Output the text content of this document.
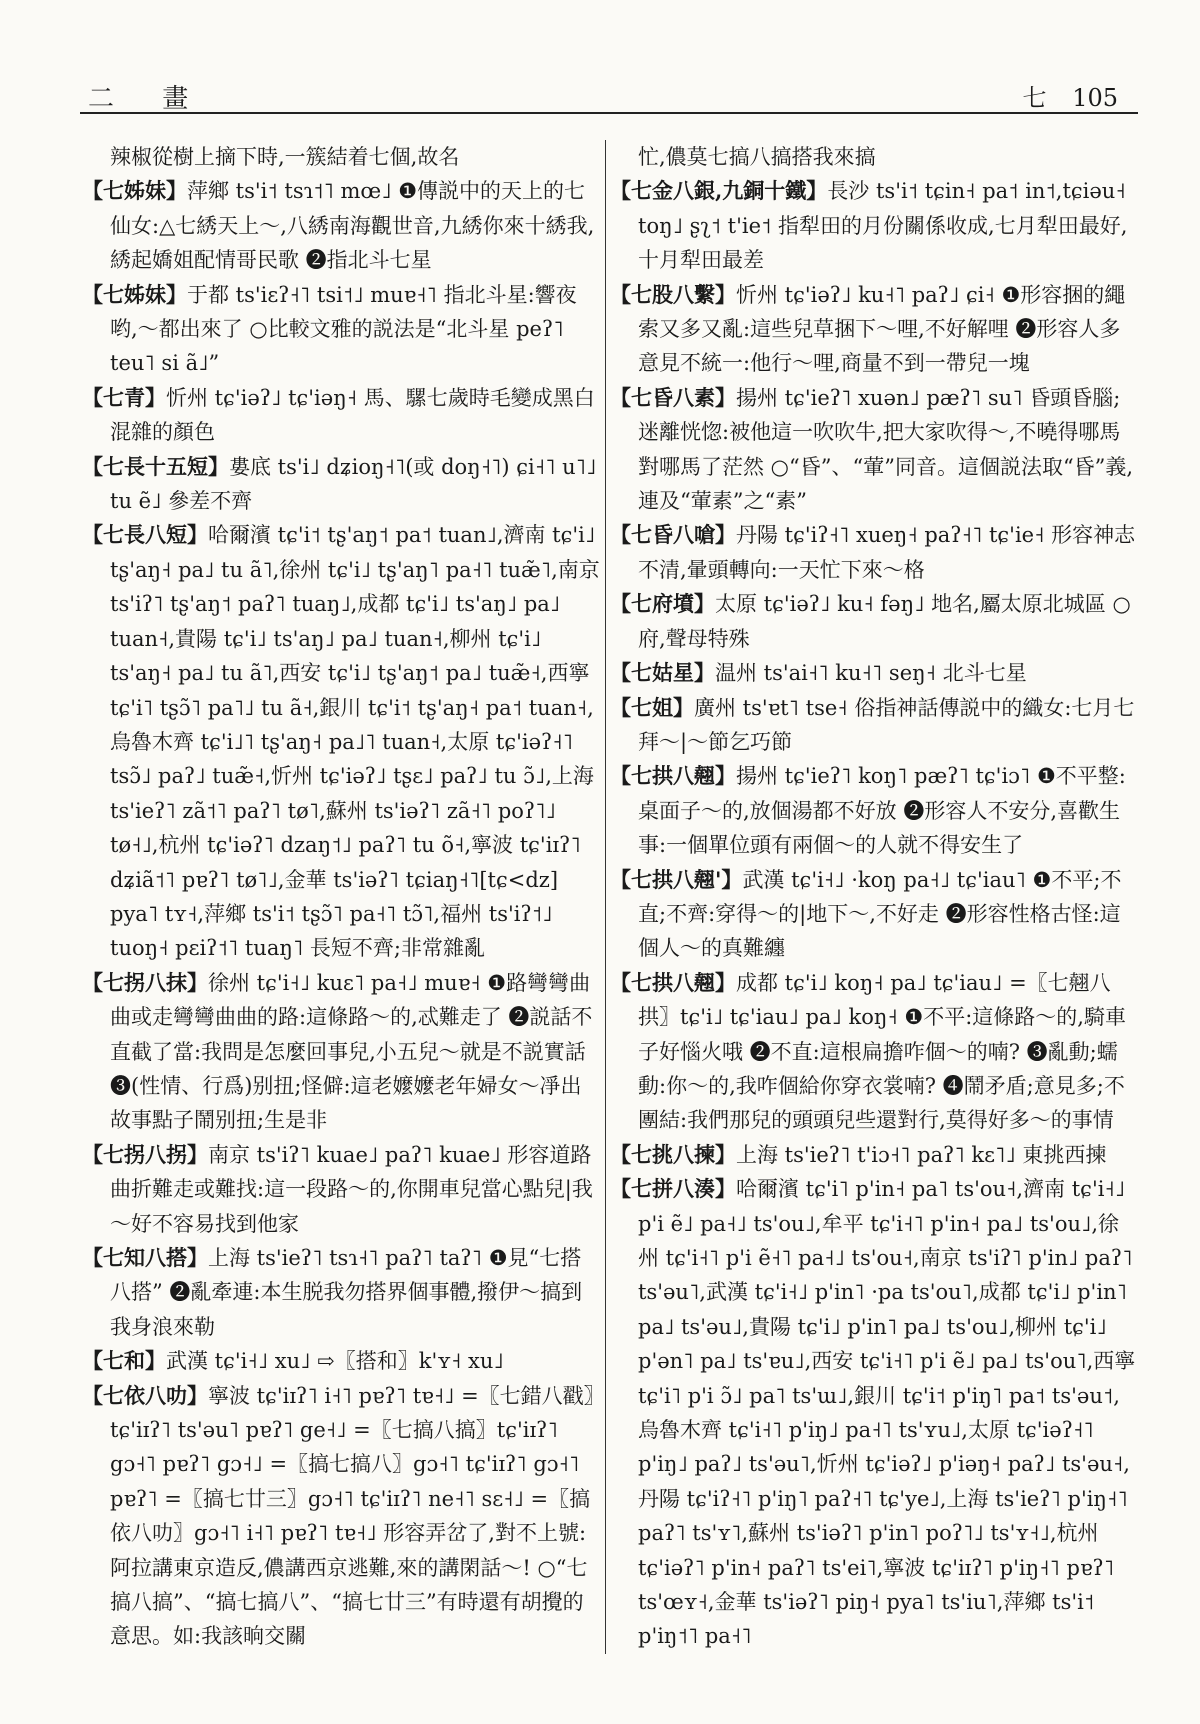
二 畫	七 105

辣椒從樹上摘下時,一簇結着七個,故名

【七姊妹】萍鄉 ts'i˦ tsɿ˦˥ mœ˩ ❶傳説中的天上的七仙女:△七綉天上～,八綉南海觀世音,九綉你來十綉我,綉起嬌姐配情哥民歌 ❷指北斗七星

【七姊妹】于都 ts'iɛʔ˧˥ tsi˦˩ muɐ˧˥ 指北斗星:響夜哟,～都出來了 ○比較文雅的説法是“北斗星 peʔ˥ teu˥ si ã˩”

【七青】忻州 tɕ'iəʔ˩ tɕ'iəŋ˧ 馬、騾七歲時毛變成黑白混雜的顏色

【七長十五短】婁底 ts'i˩ dʑioŋ˧˥(或 doŋ˧˥) ɕi˧˥ u˥˩ tu ẽ˩ 參差不齊

【七長八短】哈爾濱 tɕ'i˦ tʂ'aŋ˦ pa˦ tuan˩,濟南 tɕ'i˩ tʂ'aŋ˧ pa˩ tu ã˥,徐州 tɕ'i˩ tʂ'aŋ˥ pa˧˥ tuæ̃˥,南京 ts'iʔ˥ tʂ'aŋ˦ paʔ˥ tuaŋ˩,成都 tɕ'i˩ ts'aŋ˩ pa˩ tuan˧,貴陽 tɕ'i˩ ts'aŋ˩ pa˩ tuan˧,柳州 tɕ'i˩ ts'aŋ˧ pa˩ tu ã˥,西安 tɕ'i˩ tʂ'aŋ˦ pa˩ tuæ̃˧,西寧 tɕ'i˥ tʂɔ̃˥ pa˥˩ tu ã˧,銀川 tɕ'i˦ tʂ'aŋ˧ pa˦ tuan˧,烏魯木齊 tɕ'i˩˥ tʂ'aŋ˧ pa˩˥ tuan˧,太原 tɕ'iəʔ˧˥ tsɔ̃˩ paʔ˩ tuæ̃˧,忻州 tɕ'iəʔ˩ tʂɛ˩ paʔ˩ tu ɔ̃˩,上海 ts'ieʔ˥ zã˦˥ paʔ˥ tø˥,蘇州 ts'iəʔ˥ zã˧˥ poʔ˥˩ tø˧˩,杭州 tɕ'iəʔ˥ dzaŋ˦˩ paʔ˥ tu õ˧,寧波 tɕ'iɪʔ˥ dʑiã˦˥ pɐʔ˥ tø˥˩,金華 ts'iəʔ˥ tɕiaŋ˧˥[tɕ<dz] pya˥ tʏ˧,萍鄉 ts'i˦ tʂɔ̃˥ pa˧˥ tɔ̃˥,福州 ts'iʔ˦˩ tuoŋ˧ pɛiʔ˦˥ tuaŋ˥ 長短不齊;非常雜亂

【七拐八抹】徐州 tɕ'i˧˩ kuɛ˥ pa˧˩ muɐ˧ ❶路彎彎曲曲或走彎彎曲曲的路:這條路～的,忒難走了 ❷説話不直截了當:我問是怎麼回事兒,小五兒～就是不説實話 ❸(性情、行爲)别扭;怪僻:這老嬤嬤老年婦女～凈出故事點子鬧别扭;生是非

【七拐八拐】南京 ts'iʔ˥ kuae˩ paʔ˥ kuae˩ 形容道路曲折難走或難找:這一段路～的,你開車兒當心點兒|我～好不容易找到他家

【七知八搭】上海 ts'ieʔ˥ tsɿ˧˥ paʔ˥ taʔ˥ ❶見“七搭八搭” ❷亂牽連:本生脱我勿搭界個事體,撥伊～搞到我身浪來勒

【七和】武漢 tɕ'i˧˩ xu˩ ⇨〖搭和〗k'ʏ˧ xu˩

【七依八叻】寧波 tɕ'iɪʔ˥ i˧˥ pɐʔ˥ tɐ˧˩ =〖七錯八戳〗tɕ'iɪʔ˥ ts'əu˥ pɐʔ˥ ge˧˩ =〖七搞八搞〗tɕ'iɪʔ˥ gɔ˧˥ pɐʔ˥ gɔ˧˩ =〖搞七搞八〗gɔ˧˥ tɕ'iɪʔ˥ gɔ˧˥ pɐʔ˥ =〖搞七廿三〗gɔ˧˥ tɕ'iɪʔ˥ ne˧˥ sɛ˧˩ =〖搞依八叻〗gɔ˧˥ i˧˥ pɐʔ˥ tɐ˧˩ 形容弄岔了,對不上號:阿拉講東京造反,儂講西京逃難,來的講閑話～! ○“七搞八搞”、“搞七搞八”、“搞七廿三”有時還有胡攪的意思。如:我該晌交關

忙,儂莫七搞八搞搭我來搞

【七金八銀,九銅十鐵】長沙 ts'i˦ tɕin˧ pa˦ in˦,tɕiəu˧ toŋ˩ ʂʅ˦ t'ie˦ 指犁田的月份關係收成,七月犁田最好,十月犁田最差

【七股八繫】忻州 tɕ'iəʔ˩ ku˧˥ paʔ˩ ɕi˧ ❶形容捆的繩索又多又亂:這些兒草捆下～哩,不好解哩 ❷形容人多意見不統一:他行～哩,商量不到一帶兒一塊

【七昏八素】揚州 tɕ'ieʔ˥ xuən˩ pæʔ˥ su˥ 昏頭昏腦;迷離恍惚:被他這一吹吹牛,把大家吹得～,不曉得哪馬對哪馬了茫然 ○“昏”、“葷”同音。這個説法取“昏”義,連及“葷素”之“素”

【七昏八嗆】丹陽 tɕ'iʔ˧˥ xueŋ˧ paʔ˧˥ tɕ'ie˧ 形容神志不清,暈頭轉向:一天忙下來～格

【七府墳】太原 tɕ'iəʔ˩ ku˧ fəŋ˩ 地名,屬太原北城區 ○府,聲母特殊

【七姑星】温州 ts'ai˧˥ ku˧˥ seŋ˧ 北斗七星

【七姐】廣州 ts'ɐt˥ tse˧ 俗指神話傳説中的織女:七月七拜～|～節乞巧節

【七拱八翹】揚州 tɕ'ieʔ˥ koŋ˥ pæʔ˥ tɕ'iɔ˥ ❶不平整:桌面子～的,放個湯都不好放 ❷形容人不安分,喜歡生事:一個單位頭有兩個～的人就不得安生了

【七拱八翹'】武漢 tɕ'i˧˩ ·koŋ pa˧˩ tɕ'iau˥ ❶不平;不直;不齊:穿得～的|地下～,不好走 ❷形容性格古怪:這個人～的真難纏

【七拱八翹】成都 tɕ'i˩ koŋ˧ pa˩ tɕ'iau˩ =〖七翹八拱〗tɕ'i˩ tɕ'iau˩ pa˩ koŋ˧ ❶不平:這條路～的,騎車子好惱火哦 ❷不直:這根扁擔咋個～的喃? ❸亂動;蠕動:你～的,我咋個給你穿衣裳喃? ❹鬧矛盾;意見多;不團結:我們那兒的頭頭兒些還對行,莫得好多～的事情

【七挑八揀】上海 ts'ieʔ˥ t'iɔ˧˥ paʔ˥ kɛ˥˩ 東挑西揀

【七拼八湊】哈爾濱 tɕ'i˥ p'in˧ pa˥ ts'ou˧,濟南 tɕ'i˧˩ p'i ẽ˩ pa˧˩ ts'ou˩,牟平 tɕ'i˧˥ p'in˧ pa˩ ts'ou˩,徐州 tɕ'i˧˥ p'i ẽ˧˥ pa˧˩ ts'ou˧,南京 ts'iʔ˥ p'in˩ paʔ˥ ts'əu˥,武漢 tɕ'i˧˩ p'in˥ ·pa ts'ou˥,成都 tɕ'i˩ p'in˥ pa˩ ts'əu˩,貴陽 tɕ'i˩ p'in˥ pa˩ ts'ou˩,柳州 tɕ'i˩ p'ən˥ pa˩ ts'ɐu˩,西安 tɕ'i˧˥ p'i ẽ˩ pa˩ ts'ou˥,西寧 tɕ'i˥ p'i ɔ̃˩ pa˥ ts'ɯ˩,銀川 tɕ'i˦ p'iŋ˥ pa˦ ts'əu˦,烏魯木齊 tɕ'i˧˥ p'iŋ˩ pa˧˥ ts'ʏu˩,太原 tɕ'iəʔ˧˥ p'iŋ˩ paʔ˩ ts'əu˥,忻州 tɕ'iəʔ˩ p'iəŋ˧ paʔ˩ ts'əu˧,丹陽 tɕ'iʔ˧˥ p'iŋ˥ paʔ˧˥ tɕ'ye˩,上海 ts'ieʔ˥ p'iŋ˧˥ paʔ˥ ts'ʏ˥,蘇州 ts'iəʔ˥ p'in˥ poʔ˥˩ ts'ʏ˧˩,杭州 tɕ'iəʔ˥ p'in˧ paʔ˥ ts'ei˥,寧波 tɕ'iɪʔ˥ p'iŋ˧˥ pɐʔ˥ ts'œʏ˧,金華 ts'iəʔ˥ piŋ˧ pya˥ ts'iu˥,萍鄉 ts'i˦ p'iŋ˦˥ pa˧˥
